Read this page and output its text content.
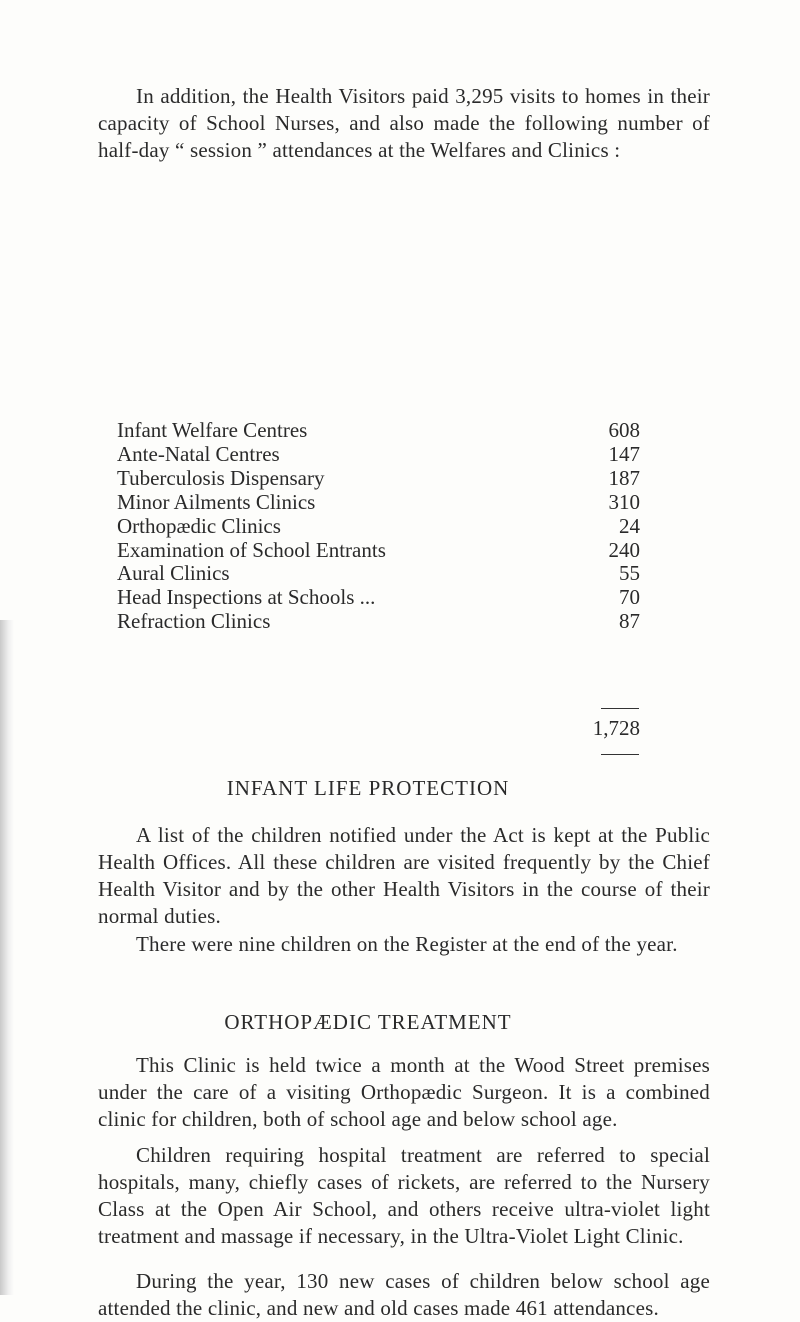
In addition, the Health Visitors paid 3,295 visits to homes in their capacity of School Nurses, and also made the following number of half-day “ session ” attendances at the Welfares and Clinics :

Infant Welfare Centres	608
Ante-Natal Centres	147
Tuberculosis Dispensary	187
Minor Ailments Clinics	310
Orthopædic Clinics	24
Examination of School Entrants	240
Aural Clinics	55
Head Inspections at Schools ...	70
Refraction Clinics	87
1,728

INFANT LIFE PROTECTION

A list of the children notified under the Act is kept at the Public Health Offices. All these children are visited frequently by the Chief Health Visitor and by the other Health Visitors in the course of their normal duties.

There were nine children on the Register at the end of the year.

ORTHOPÆDIC TREATMENT

This Clinic is held twice a month at the Wood Street premises under the care of a visiting Orthopædic Surgeon. It is a combined clinic for children, both of school age and below school age.

Children requiring hospital treatment are referred to special hospitals, many, chiefly cases of rickets, are referred to the Nursery Class at the Open Air School, and others receive ultra-violet light treatment and massage if necessary, in the Ultra-Violet Light Clinic.

During the year, 130 new cases of children below school age attended the clinic, and new and old cases made 461 attendances.
